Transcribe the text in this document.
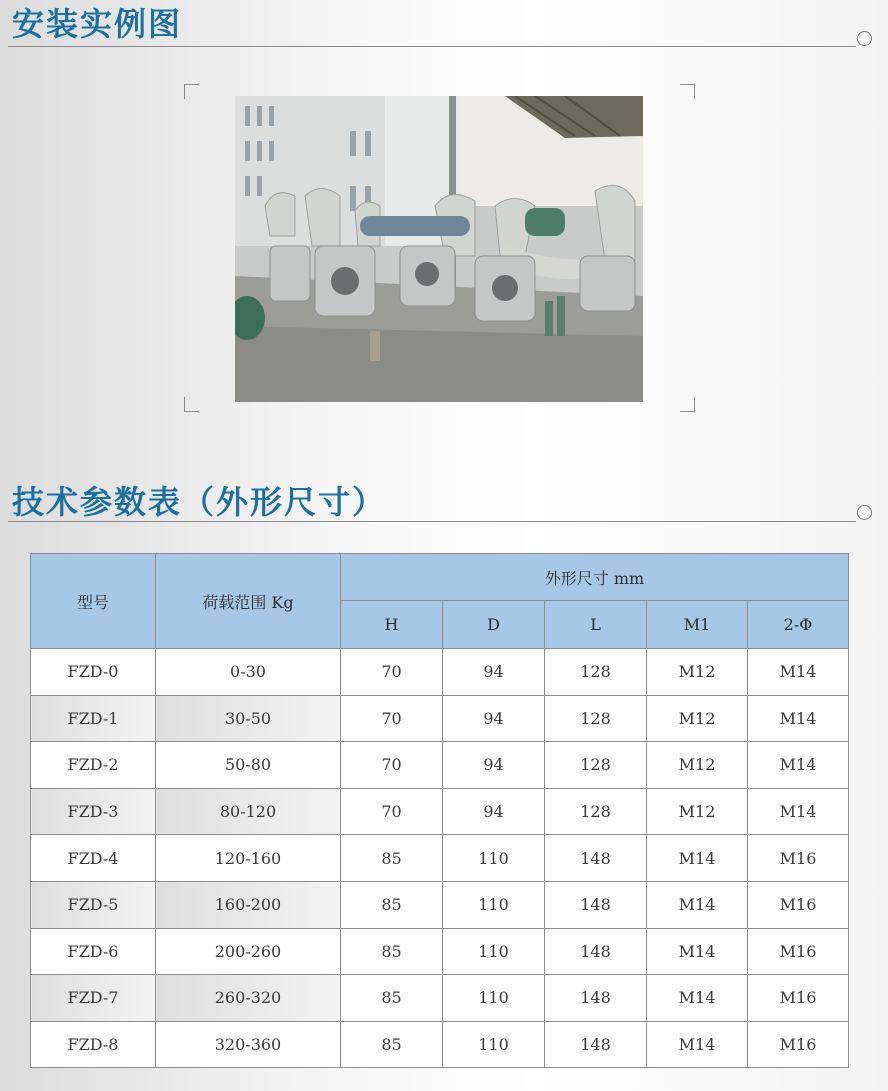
安装实例图
技术参数表（外形尺寸）
型号	荷载范围 Kg	外形尺寸 mm				
		H	D	L	M1	2-Φ
FZD-0	0-30	70	94	128	M12	M14
FZD-1	30-50	70	94	128	M12	M14
FZD-2	50-80	70	94	128	M12	M14
FZD-3	80-120	70	94	128	M12	M14
FZD-4	120-160	85	110	148	M14	M16
FZD-5	160-200	85	110	148	M14	M16
FZD-6	200-260	85	110	148	M14	M16
FZD-7	260-320	85	110	148	M14	M16
FZD-8	320-360	85	110	148	M14	M16
